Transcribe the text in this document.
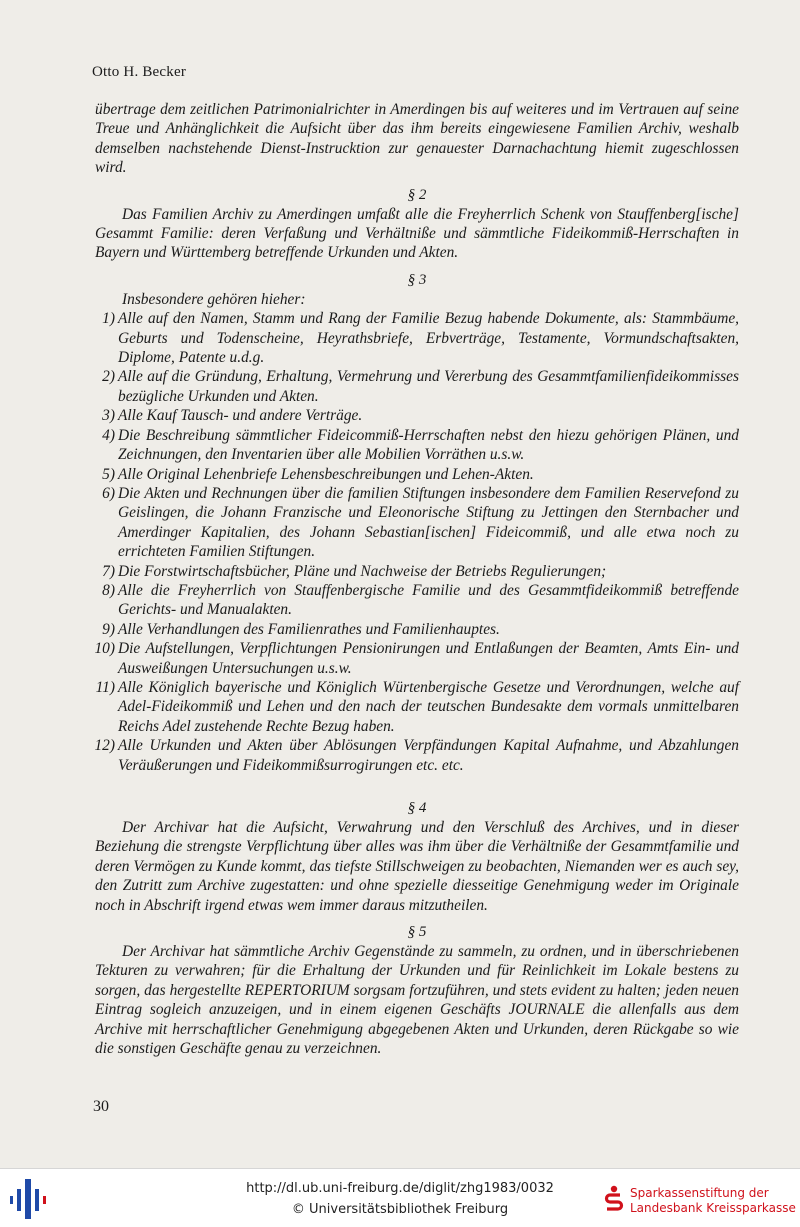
Otto H. Becker

übertrage dem zeitlichen Patrimonialrichter in Amerdingen bis auf weiteres und im Vertrauen auf seine Treue und Anhänglichkeit die Aufsicht über das ihm bereits eingewiesene Familien Archiv, weshalb demselben nachstehende Dienst-Instrucktion zur genauester Darnachachtung hiemit zugeschlossen wird.

§ 2

Das Familien Archiv zu Amerdingen umfaßt alle die Freyherrlich Schenk von Stauffenberg[ische] Gesammt Familie: deren Verfaßung und Verhältniße und sämmtliche Fideikommiß-Herrschaften in Bayern und Württemberg betreffende Urkunden und Akten.

§ 3

Insbesondere gehören hieher:

1) Alle auf den Namen, Stamm und Rang der Familie Bezug habende Dokumente, als: Stammbäume, Geburts und Todenscheine, Heyrathsbriefe, Erbverträge, Testamente, Vormundschaftsakten, Diplome, Patente u.d.g.
2) Alle auf die Gründung, Erhaltung, Vermehrung und Vererbung des Gesammtfamilienfideikommisses bezügliche Urkunden und Akten.
3) Alle Kauf Tausch- und andere Verträge.
4) Die Beschreibung sämmtlicher Fideicommiß-Herrschaften nebst den hiezu gehörigen Plänen, und Zeichnungen, den Inventarien über alle Mobilien Vorräthen u.s.w.
5) Alle Original Lehenbriefe Lehensbeschreibungen und Lehen-Akten.
6) Die Akten und Rechnungen über die familien Stiftungen insbesondere dem Familien Reservefond zu Geislingen, die Johann Franzische und Eleonorische Stiftung zu Jettingen den Sternbacher und Amerdinger Kapitalien, des Johann Sebastian[ischen] Fideicommiß, und alle etwa noch zu errichteten Familien Stiftungen.
7) Die Forstwirtschaftsbücher, Pläne und Nachweise der Betriebs Regulierungen;
8) Alle die Freyherrlich von Stauffenbergische Familie und des Gesammtfideikommiß betreffende Gerichts- und Manualakten.
9) Alle Verhandlungen des Familienrathes und Familienhauptes.
10) Die Aufstellungen, Verpflichtungen Pensionirungen und Entlaßungen der Beamten, Amts Ein- und Ausweißungen Untersuchungen u.s.w.
11) Alle Königlich bayerische und Königlich Würtenbergische Gesetze und Verordnungen, welche auf Adel-Fideikommiß und Lehen und den nach der teutschen Bundesakte dem vormals unmittelbaren Reichs Adel zustehende Rechte Bezug haben.
12) Alle Urkunden und Akten über Ablösungen Verpfändungen Kapital Aufnahme, und Abzahlungen Veräußerungen und Fideikommißsurrogirungen etc. etc.
§ 4

Der Archivar hat die Aufsicht, Verwahrung und den Verschluß des Archives, und in dieser Beziehung die strengste Verpflichtung über alles was ihm über die Verhältniße der Gesammtfamilie und deren Vermögen zu Kunde kommt, das tiefste Stillschweigen zu beobachten, Niemanden wer es auch sey, den Zutritt zum Archive zugestatten: und ohne spezielle diesseitige Genehmigung weder im Originale noch in Abschrift irgend etwas wem immer daraus mitzutheilen.

§ 5

Der Archivar hat sämmtliche Archiv Gegenstände zu sammeln, zu ordnen, und in überschriebenen Tekturen zu verwahren; für die Erhaltung der Urkunden und für Reinlichkeit im Lokale bestens zu sorgen, das hergestellte REPERTORIUM sorgsam fortzuführen, und stets evident zu halten; jeden neuen Eintrag sogleich anzuzeigen, und in einem eigenen Geschäfts JOURNALE die allenfalls aus dem Archive mit herrschaftlicher Genehmigung abgegebenen Akten und Urkunden, deren Rückgabe so wie die sonstigen Geschäfte genau zu verzeichnen.

30
http://dl.ub.uni-freiburg.de/diglit/zhg1983/0032
© Universitätsbibliothek Freiburg
Sparkassenstiftung der
Landesbank Kreissparkasse
